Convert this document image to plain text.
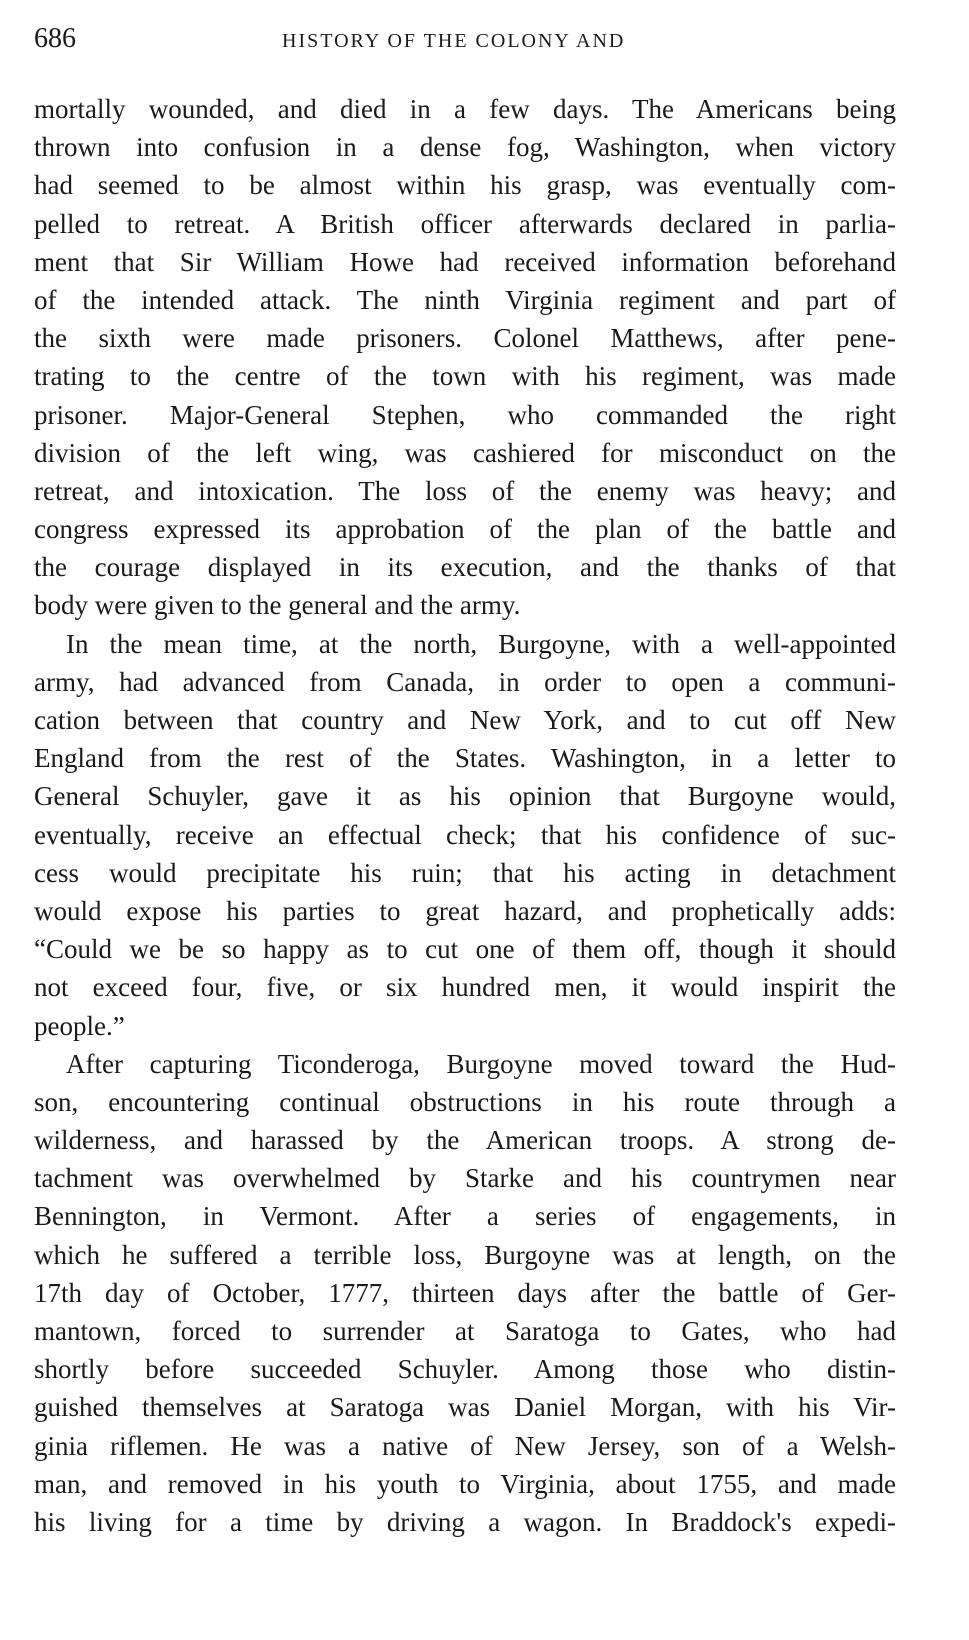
686	HISTORY OF THE COLONY AND
mortally wounded, and died in a few days. The Americans being
thrown into confusion in a dense fog, Washington, when victory
had seemed to be almost within his grasp, was eventually com-
pelled to retreat. A British officer afterwards declared in parlia-
ment that Sir William Howe had received information beforehand
of the intended attack. The ninth Virginia regiment and part of
the sixth were made prisoners. Colonel Matthews, after pene-
trating to the centre of the town with his regiment, was made
prisoner. Major-General Stephen, who commanded the right
division of the left wing, was cashiered for misconduct on the
retreat, and intoxication. The loss of the enemy was heavy; and
congress expressed its approbation of the plan of the battle and
the courage displayed in its execution, and the thanks of that
body were given to the general and the army.
In the mean time, at the north, Burgoyne, with a well-appointed
army, had advanced from Canada, in order to open a communi-
cation between that country and New York, and to cut off New
England from the rest of the States. Washington, in a letter to
General Schuyler, gave it as his opinion that Burgoyne would,
eventually, receive an effectual check; that his confidence of suc-
cess would precipitate his ruin; that his acting in detachment
would expose his parties to great hazard, and prophetically adds:
“Could we be so happy as to cut one of them off, though it should
not exceed four, five, or six hundred men, it would inspirit the
people.”
After capturing Ticonderoga, Burgoyne moved toward the Hud-
son, encountering continual obstructions in his route through a
wilderness, and harassed by the American troops. A strong de-
tachment was overwhelmed by Starke and his countrymen near
Bennington, in Vermont. After a series of engagements, in
which he suffered a terrible loss, Burgoyne was at length, on the
17th day of October, 1777, thirteen days after the battle of Ger-
mantown, forced to surrender at Saratoga to Gates, who had
shortly before succeeded Schuyler. Among those who distin-
guished themselves at Saratoga was Daniel Morgan, with his Vir-
ginia riflemen. He was a native of New Jersey, son of a Welsh-
man, and removed in his youth to Virginia, about 1755, and made
his living for a time by driving a wagon. In Braddock's expedi-
